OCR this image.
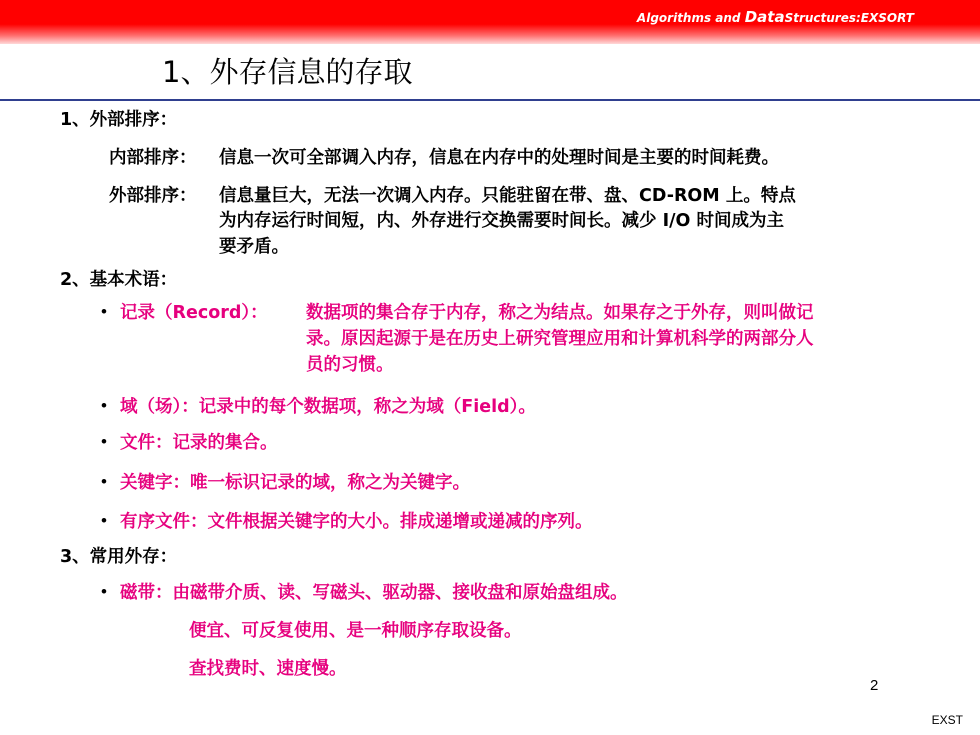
Algorithms and DataStructures:EXSORT
1、外存信息的存取
1、外部排序：
内部排序： 信息一次可全部调入内存，信息在内存中的处理时间是主要的时间耗费。
外部排序： 信息量巨大，无法一次调入内存。只能驻留在带、盘、CD-ROM 上。特点
为内存运行时间短，内、外存进行交换需要时间长。减少 I/O 时间成为主
要矛盾。
2、基本术语：
• 记录（Record）： 数据项的集合存于内存，称之为结点。如果存之于外存，则叫做记
录。原因起源于是在历史上研究管理应用和计算机科学的两部分人
员的习惯。
• 域（场）：记录中的每个数据项，称之为域（Field）。
• 文件：记录的集合。
• 关键字：唯一标识记录的域，称之为关键字。
• 有序文件：文件根据关键字的大小。排成递增或递减的序列。
3、常用外存：
• 磁带：由磁带介质、读、写磁头、驱动器、接收盘和原始盘组成。
便宜、可反复使用、是一种顺序存取设备。
查找费时、速度慢。
2
EXST
